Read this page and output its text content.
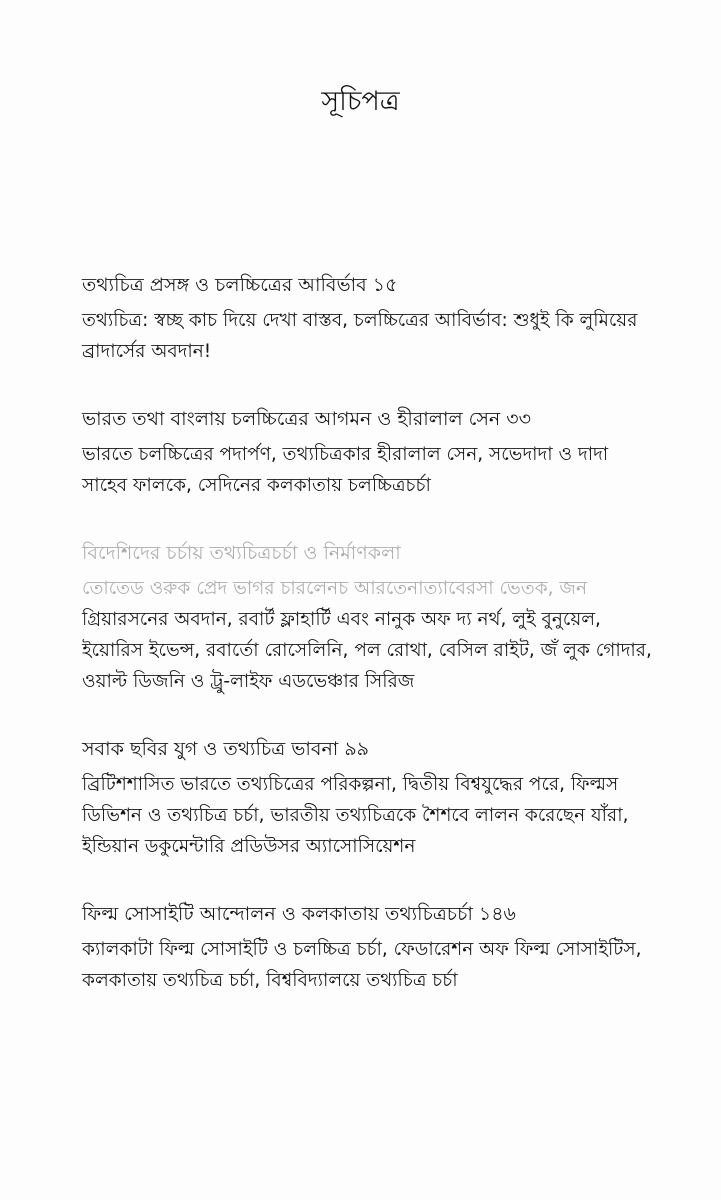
সূচিপত্র
তথ্যচিত্র প্রসঙ্গ ও চলচ্চিত্রের আবির্ভাব ১৫
তথ্যচিত্র: স্বচ্ছ কাচ দিয়ে দেখা বাস্তব, চলচ্চিত্রের আবির্ভাব: শুধুই কি লুমিয়ের
ব্রাদার্সের অবদান!
ভারত তথা বাংলায় চলচ্চিত্রের আগমন ও হীরালাল সেন ৩৩
ভারতে চলচ্চিত্রের পদার্পণ, তথ্যচিত্রকার হীরালাল সেন, সভেদাদা ও দাদা
সাহেব ফালকে, সেদিনের কলকাতায় চলচ্চিত্রচর্চা
বিদেশিদের চর্চায় তথ্যচিত্রচর্চা ও নির্মাণকলা
তোতেড ওরুক প্রেদ ভাগর চারলেনচ আরতেনাত্যাবেরসা ভেতক, জন
গ্রিয়ারসনের অবদান, রবার্ট ফ্লাহার্টি এবং নানুক অফ দ্য নর্থ, লুই বুনুয়েল,
ইয়োরিস ইভেন্স, রবার্তো রোসেলিনি, পল রোথা, বেসিল রাইট, জঁ লুক গোদার,
ওয়াল্ট ডিজনি ও ট্রু-লাইফ এডভেঞ্চার সিরিজ
সবাক ছবির যুগ ও তথ্যচিত্র ভাবনা ৯৯
ব্রিটিশশাসিত ভারতে তথ্যচিত্রের পরিকল্পনা, দ্বিতীয় বিশ্বযুদ্ধের পরে, ফিল্মস
ডিভিশন ও তথ্যচিত্র চর্চা, ভারতীয় তথ্যচিত্রকে শৈশবে লালন করেছেন যাঁরা,
ইন্ডিয়ান ডকুমেন্টারি প্রডিউসর অ্যাসোসিয়েশন
ফিল্ম সোসাইটি আন্দোলন ও কলকাতায় তথ্যচিত্রচর্চা ১৪৬
ক্যালকাটা ফিল্ম সোসাইটি ও চলচ্চিত্র চর্চা, ফেডারেশন অফ ফিল্ম সোসাইটিস,
কলকাতায় তথ্যচিত্র চর্চা, বিশ্ববিদ্যালয়ে তথ্যচিত্র চর্চা
